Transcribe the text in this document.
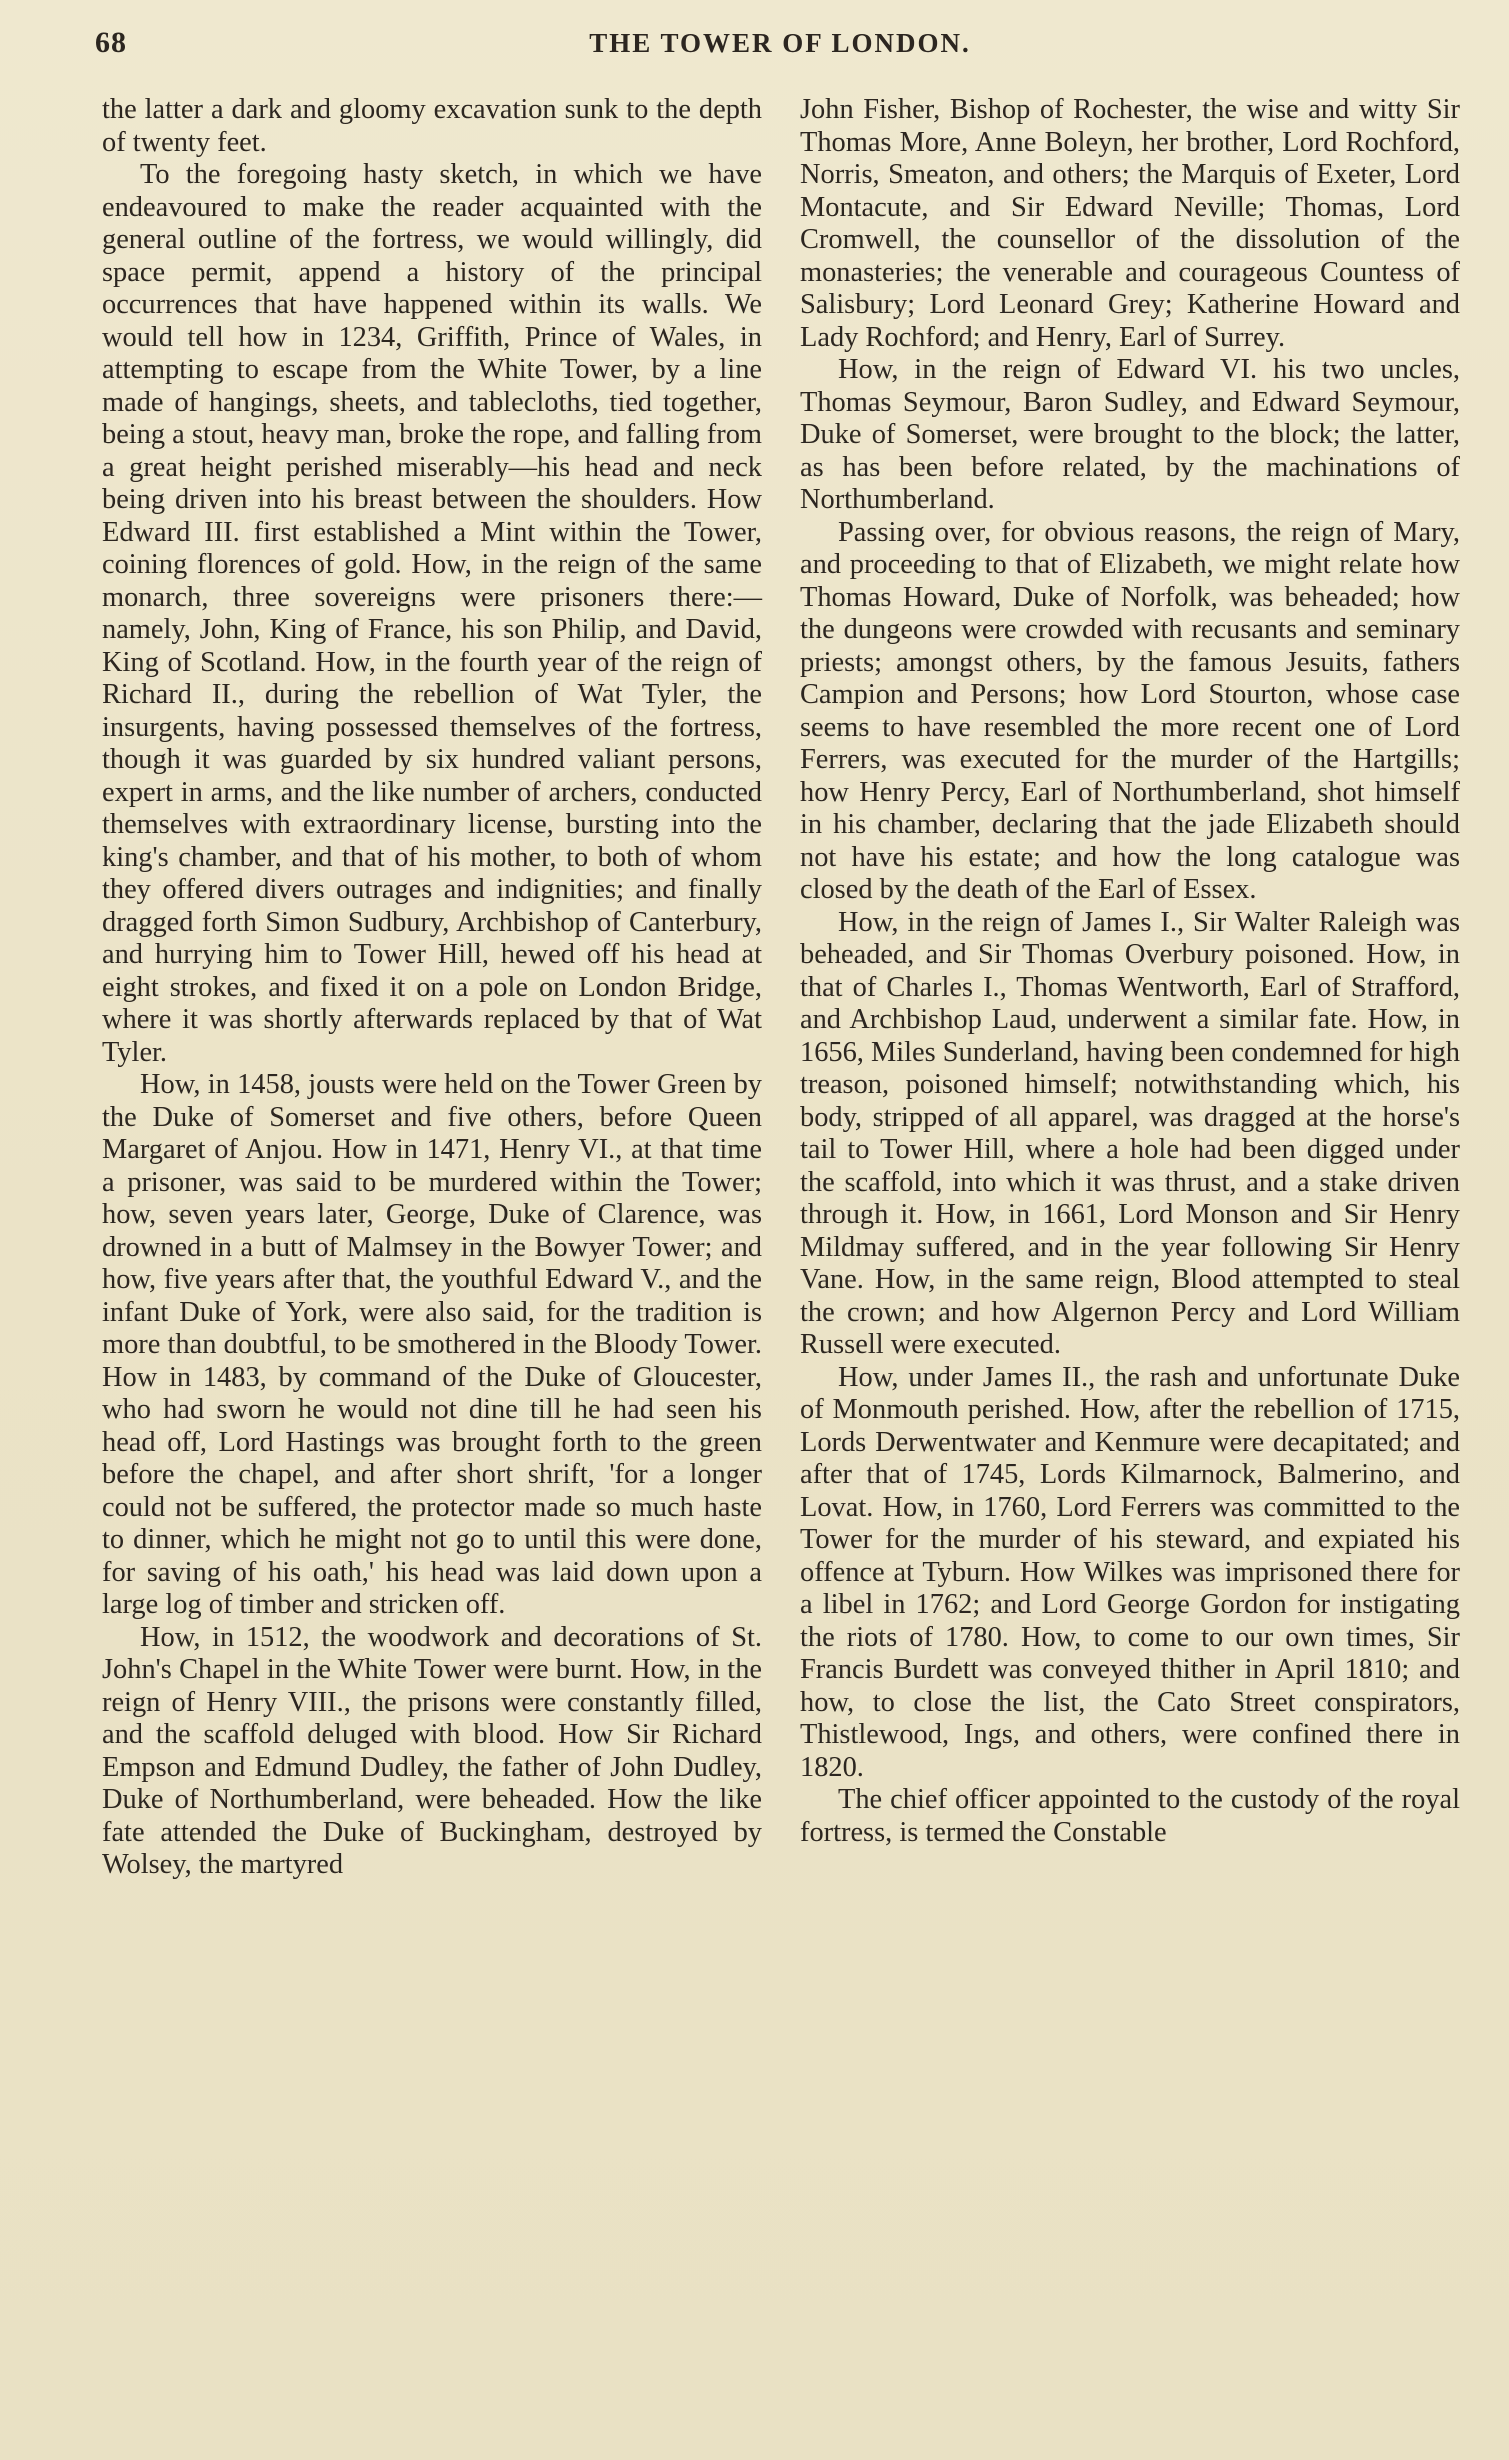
68	THE TOWER OF LONDON.

the latter a dark and gloomy excavation sunk to the depth of twenty feet.

To the foregoing hasty sketch, in which we have endeavoured to make the reader acquainted with the general outline of the fortress, we would willingly, did space permit, append a history of the principal occurrences that have happened within its walls. We would tell how in 1234, Griffith, Prince of Wales, in attempting to escape from the White Tower, by a line made of hangings, sheets, and tablecloths, tied together, being a stout, heavy man, broke the rope, and falling from a great height perished miserably—his head and neck being driven into his breast between the shoulders. How Edward III. first established a Mint within the Tower, coining florences of gold. How, in the reign of the same monarch, three sovereigns were prisoners there:—namely, John, King of France, his son Philip, and David, King of Scotland. How, in the fourth year of the reign of Richard II., during the rebellion of Wat Tyler, the insurgents, having possessed themselves of the fortress, though it was guarded by six hundred valiant persons, expert in arms, and the like number of archers, conducted themselves with extraordinary license, bursting into the king's chamber, and that of his mother, to both of whom they offered divers outrages and indignities; and finally dragged forth Simon Sudbury, Archbishop of Canterbury, and hurrying him to Tower Hill, hewed off his head at eight strokes, and fixed it on a pole on London Bridge, where it was shortly afterwards replaced by that of Wat Tyler.

How, in 1458, jousts were held on the Tower Green by the Duke of Somerset and five others, before Queen Margaret of Anjou. How in 1471, Henry VI., at that time a prisoner, was said to be murdered within the Tower; how, seven years later, George, Duke of Clarence, was drowned in a butt of Malmsey in the Bowyer Tower; and how, five years after that, the youthful Edward V., and the infant Duke of York, were also said, for the tradition is more than doubtful, to be smothered in the Bloody Tower. How in 1483, by command of the Duke of Gloucester, who had sworn he would not dine till he had seen his head off, Lord Hastings was brought forth to the green before the chapel, and after short shrift, 'for a longer could not be suffered, the protector made so much haste to dinner, which he might not go to until this were done, for saving of his oath,' his head was laid down upon a large log of timber and stricken off.

How, in 1512, the woodwork and decorations of St. John's Chapel in the White Tower were burnt. How, in the reign of Henry VIII., the prisons were constantly filled, and the scaffold deluged with blood. How Sir Richard Empson and Edmund Dudley, the father of John Dudley, Duke of Northumberland, were beheaded. How the like fate attended the Duke of Buckingham, destroyed by Wolsey, the martyred

John Fisher, Bishop of Rochester, the wise and witty Sir Thomas More, Anne Boleyn, her brother, Lord Rochford, Norris, Smeaton, and others; the Marquis of Exeter, Lord Montacute, and Sir Edward Neville; Thomas, Lord Cromwell, the counsellor of the dissolution of the monasteries; the venerable and courageous Countess of Salisbury; Lord Leonard Grey; Katherine Howard and Lady Rochford; and Henry, Earl of Surrey.

How, in the reign of Edward VI. his two uncles, Thomas Seymour, Baron Sudley, and Edward Seymour, Duke of Somerset, were brought to the block; the latter, as has been before related, by the machinations of Northumberland.

Passing over, for obvious reasons, the reign of Mary, and proceeding to that of Elizabeth, we might relate how Thomas Howard, Duke of Norfolk, was beheaded; how the dungeons were crowded with recusants and seminary priests; amongst others, by the famous Jesuits, fathers Campion and Persons; how Lord Stourton, whose case seems to have resembled the more recent one of Lord Ferrers, was executed for the murder of the Hartgills; how Henry Percy, Earl of Northumberland, shot himself in his chamber, declaring that the jade Elizabeth should not have his estate; and how the long catalogue was closed by the death of the Earl of Essex.

How, in the reign of James I., Sir Walter Raleigh was beheaded, and Sir Thomas Overbury poisoned. How, in that of Charles I., Thomas Wentworth, Earl of Strafford, and Archbishop Laud, underwent a similar fate. How, in 1656, Miles Sunderland, having been condemned for high treason, poisoned himself; notwithstanding which, his body, stripped of all apparel, was dragged at the horse's tail to Tower Hill, where a hole had been digged under the scaffold, into which it was thrust, and a stake driven through it. How, in 1661, Lord Monson and Sir Henry Mildmay suffered, and in the year following Sir Henry Vane. How, in the same reign, Blood attempted to steal the crown; and how Algernon Percy and Lord William Russell were executed.

How, under James II., the rash and unfortunate Duke of Monmouth perished. How, after the rebellion of 1715, Lords Derwentwater and Kenmure were decapitated; and after that of 1745, Lords Kilmarnock, Balmerino, and Lovat. How, in 1760, Lord Ferrers was committed to the Tower for the murder of his steward, and expiated his offence at Tyburn. How Wilkes was imprisoned there for a libel in 1762; and Lord George Gordon for instigating the riots of 1780. How, to come to our own times, Sir Francis Burdett was conveyed thither in April 1810; and how, to close the list, the Cato Street conspirators, Thistlewood, Ings, and others, were confined there in 1820.

The chief officer appointed to the custody of the royal fortress, is termed the Constable
